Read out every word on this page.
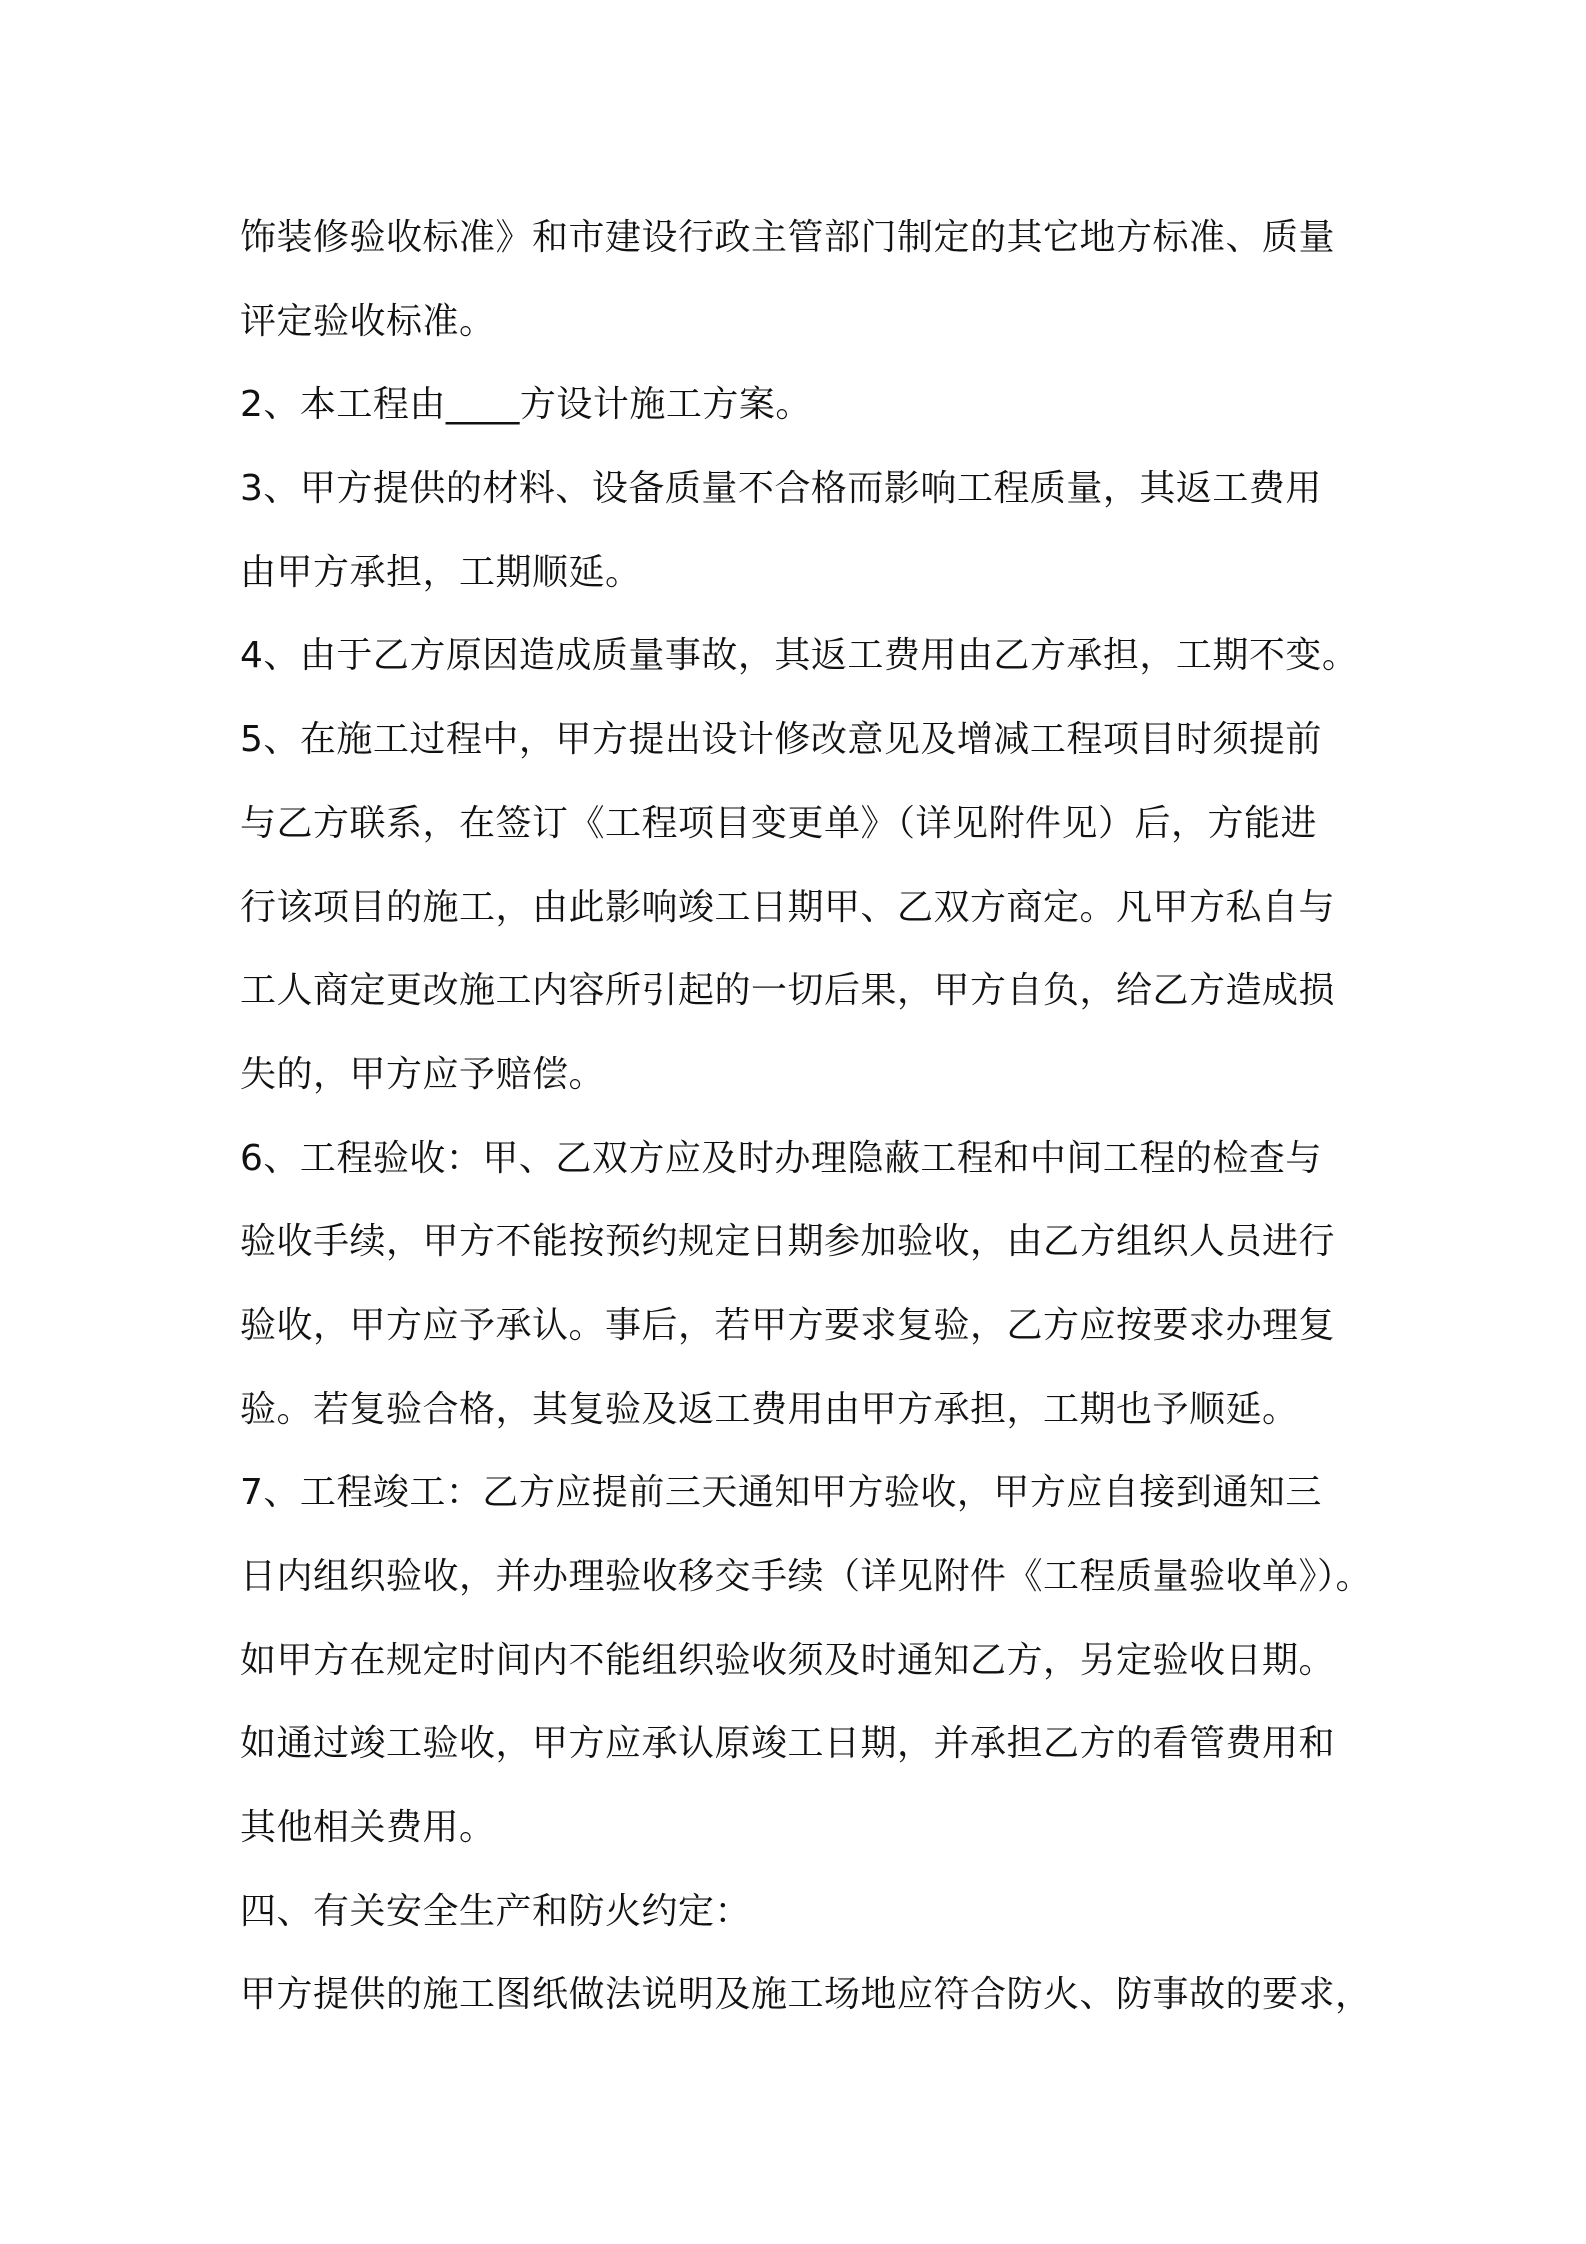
饰装修验收标准》和市建设行政主管部门制定的其它地方标准、质量
评定验收标准。
2、本工程由____方设计施工方案。
3、甲方提供的材料、设备质量不合格而影响工程质量，其返工费用
由甲方承担，工期顺延。
4、由于乙方原因造成质量事故，其返工费用由乙方承担，工期不变。
5、在施工过程中，甲方提出设计修改意见及增减工程项目时须提前
与乙方联系，在签订《工程项目变更单》（详见附件见）后，方能进
行该项目的施工，由此影响竣工日期甲、乙双方商定。凡甲方私自与
工人商定更改施工内容所引起的一切后果，甲方自负，给乙方造成损
失的，甲方应予赔偿。
6、工程验收：甲、乙双方应及时办理隐蔽工程和中间工程的检查与
验收手续，甲方不能按预约规定日期参加验收，由乙方组织人员进行
验收，甲方应予承认。事后，若甲方要求复验，乙方应按要求办理复
验。若复验合格，其复验及返工费用由甲方承担，工期也予顺延。
7、工程竣工：乙方应提前三天通知甲方验收，甲方应自接到通知三
日内组织验收，并办理验收移交手续（详见附件《工程质量验收单》）。
如甲方在规定时间内不能组织验收须及时通知乙方，另定验收日期。
如通过竣工验收，甲方应承认原竣工日期，并承担乙方的看管费用和
其他相关费用。
四、有关安全生产和防火约定：
甲方提供的施工图纸做法说明及施工场地应符合防火、防事故的要求，
